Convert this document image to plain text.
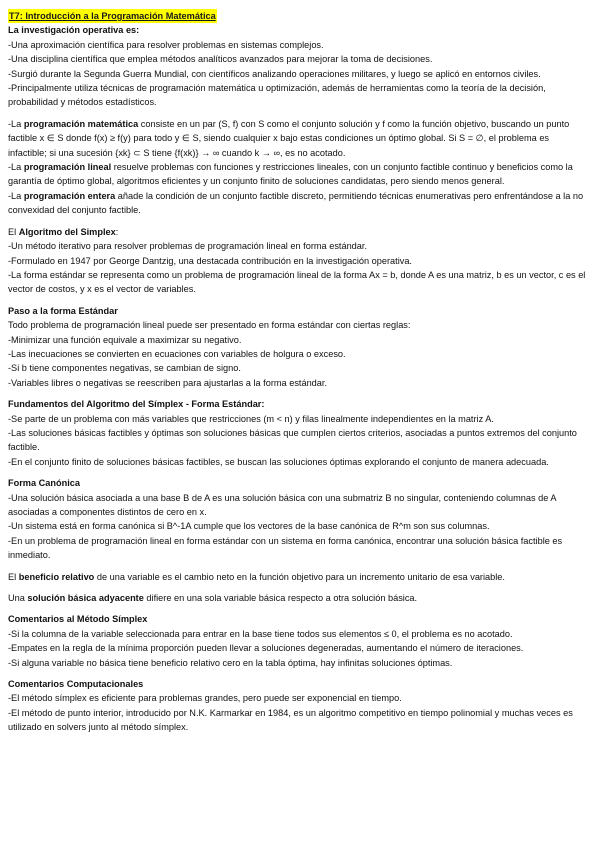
T7: Introducción a la Programación Matemática
La investigación operativa es:
-Una aproximación científica para resolver problemas en sistemas complejos.
-Una disciplina científica que emplea métodos analíticos avanzados para mejorar la toma de decisiones.
-Surgió durante la Segunda Guerra Mundial, con científicos analizando operaciones militares, y luego se aplicó en entornos civiles.
-Principalmente utiliza técnicas de programación matemática u optimización, además de herramientas como la teoría de la decisión, probabilidad y métodos estadísticos.
-La programación matemática consiste en un par (S, f) con S como el conjunto solución y f como la función objetivo, buscando un punto factible x ∈ S donde f(x) ≥ f(y) para todo y ∈ S, siendo cualquier x bajo estas condiciones un óptimo global. Si S = ∅, el problema es infactible; si una sucesión {xk} ⊂ S tiene {f(xk)} → ∞ cuando k → ∞, es no acotado.
-La programación lineal resuelve problemas con funciones y restricciones lineales, con un conjunto factible continuo y beneficios como la garantía de óptimo global, algoritmos eficientes y un conjunto finito de soluciones candidatas, pero siendo menos general.
-La programación entera añade la condición de un conjunto factible discreto, permitiendo técnicas enumerativas pero enfrentándose a la no convexidad del conjunto factible.
El Algoritmo del Simplex:
-Un método iterativo para resolver problemas de programación lineal en forma estándar.
-Formulado en 1947 por George Dantzig, una destacada contribución en la investigación operativa.
-La forma estándar se representa como un problema de programación lineal de la forma Ax = b, donde A es una matriz, b es un vector, c es el vector de costos, y x es el vector de variables.
Paso a la forma Estándar
Todo problema de programación lineal puede ser presentado en forma estándar con ciertas reglas:
-Minimizar una función equivale a maximizar su negativo.
-Las inecuaciones se convierten en ecuaciones con variables de holgura o exceso.
-Si b tiene componentes negativas, se cambian de signo.
-Variables libres o negativas se reescriben para ajustarlas a la forma estándar.
Fundamentos del Algoritmo del Símplex - Forma Estándar:
-Se parte de un problema con más variables que restricciones (m < n) y filas linealmente independientes en la matriz A.
-Las soluciones básicas factibles y óptimas son soluciones básicas que cumplen ciertos criterios, asociadas a puntos extremos del conjunto factible.
-En el conjunto finito de soluciones básicas factibles, se buscan las soluciones óptimas explorando el conjunto de manera adecuada.
Forma Canónica
-Una solución básica asociada a una base B de A es una solución básica con una submatriz B no singular, conteniendo columnas de A asociadas a componentes distintos de cero en x.
-Un sistema está en forma canónica si B^-1A cumple que los vectores de la base canónica de R^m son sus columnas.
-En un problema de programación lineal en forma estándar con un sistema en forma canónica, encontrar una solución básica factible es inmediato.
El beneficio relativo de una variable es el cambio neto en la función objetivo para un incremento unitario de esa variable.
Una solución básica adyacente difiere en una sola variable básica respecto a otra solución básica.
Comentarios al Método Símplex
-Si la columna de la variable seleccionada para entrar en la base tiene todos sus elementos ≤ 0, el problema es no acotado.
-Empates en la regla de la mínima proporción pueden llevar a soluciones degeneradas, aumentando el número de iteraciones.
-Si alguna variable no básica tiene beneficio relativo cero en la tabla óptima, hay infinitas soluciones óptimas.
Comentarios Computacionales
-El método símplex es eficiente para problemas grandes, pero puede ser exponencial en tiempo.
-El método de punto interior, introducido por N.K. Karmarkar en 1984, es un algoritmo competitivo en tiempo polinomial y muchas veces es utilizado en solvers junto al método símplex.
